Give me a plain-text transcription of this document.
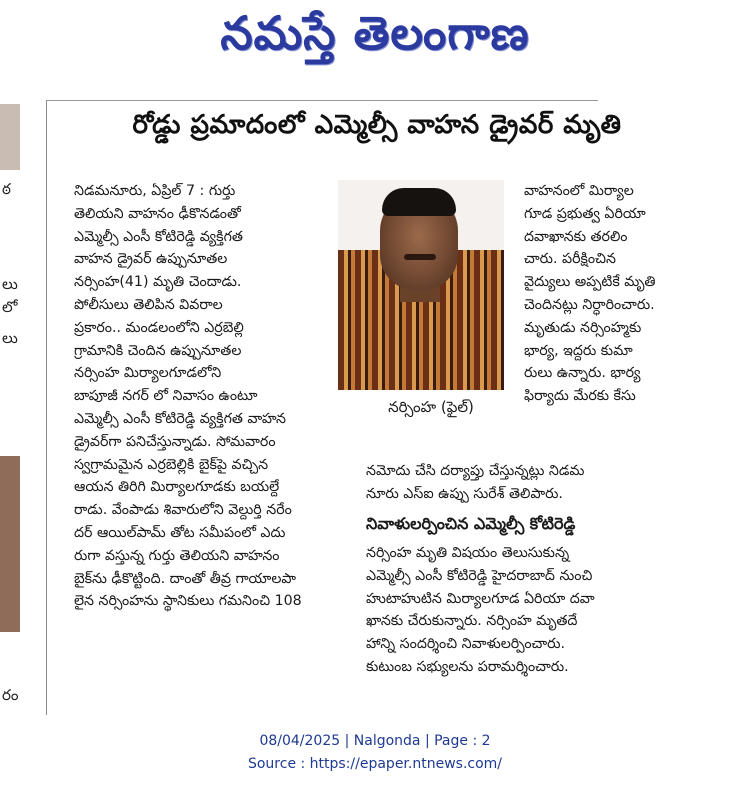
నమస్తే తెలంగాణ
ఠ
లు
లో
లు
రం
రోడ్డు ప్రమాదంలో ఎమ్మెల్సీ వాహన డ్రైవర్ మృతి
నిడమనూరు, ఏప్రిల్ 7 : గుర్తు
తెలియని వాహనం ఢీకొనడంతో
ఎమ్మెల్సీ ఎంసీ కోటిరెడ్డి వ్యక్తిగత
వాహన డ్రైవర్ ఉప్పునూతల
నర్సింహ(41) మృతి చెందాడు.
పోలీసులు తెలిపిన వివరాల
ప్రకారం.. మండలంలోని ఎర్రబెల్లి
గ్రామానికి చెందిన ఉప్పునూతల
నర్సింహ మిర్యాలగూడలోని
బాపూజీ నగర్ లో నివాసం ఉంటూ
ఎమ్మెల్సీ ఎంసీ కోటిరెడ్డి వ్యక్తిగత వాహన
డ్రైవర్‌గా పనిచేస్తున్నాడు. సోమవారం
స్వగ్రామమైన ఎర్రబెల్లికి బైక్‌పై వచ్చిన
ఆయన తిరిగి మిర్యాలగూడకు బయల్దే
రాడు. వేంపాడు శివారులోని వెల్దుర్తి నరేం
దర్ ఆయిల్‌పామ్ తోట సమీపంలో ఎదు
రుగా వస్తున్న గుర్తు తెలియని వాహనం
బైక్‌ను ఢీకొట్టింది. దాంతో తీవ్ర గాయాలపా
లైన నర్సింహను స్థానికులు గమనించి 108
నర్సింహ (ఫైల్)
వాహనంలో మిర్యాల
గూడ ప్రభుత్వ ఏరియా
దవాఖానకు తరలిం
చారు. పరీక్షించిన
వైద్యులు అప్పటికే మృతి
చెందినట్లు నిర్ధారించారు.
మృతుడు నర్సింహ్మకు
భార్య, ఇద్దరు కుమా
రులు ఉన్నారు. భార్య
ఫిర్యాదు మేరకు కేసు
నమోదు చేసి దర్యాప్తు చేస్తున్నట్లు నిడమ
నూరు ఎస్ఐ ఉప్పు సురేశ్ తెలిపారు.
నివాళులర్పించిన ఎమ్మెల్సీ కోటిరెడ్డి
నర్సింహ మృతి విషయం తెలుసుకున్న
ఎమ్మెల్సీ ఎంసీ కోటిరెడ్డి హైదరాబాద్ నుంచి
హుటాహుటిన మిర్యాలగూడ ఏరియా దవా
ఖానకు చేరుకున్నారు. నర్సింహ మృతదే
హాన్ని సందర్శించి నివాళులర్పించారు.
కుటుంబ సభ్యులను పరామర్శించారు.
08/04/2025 | Nalgonda | Page : 2
Source : https://epaper.ntnews.com/
